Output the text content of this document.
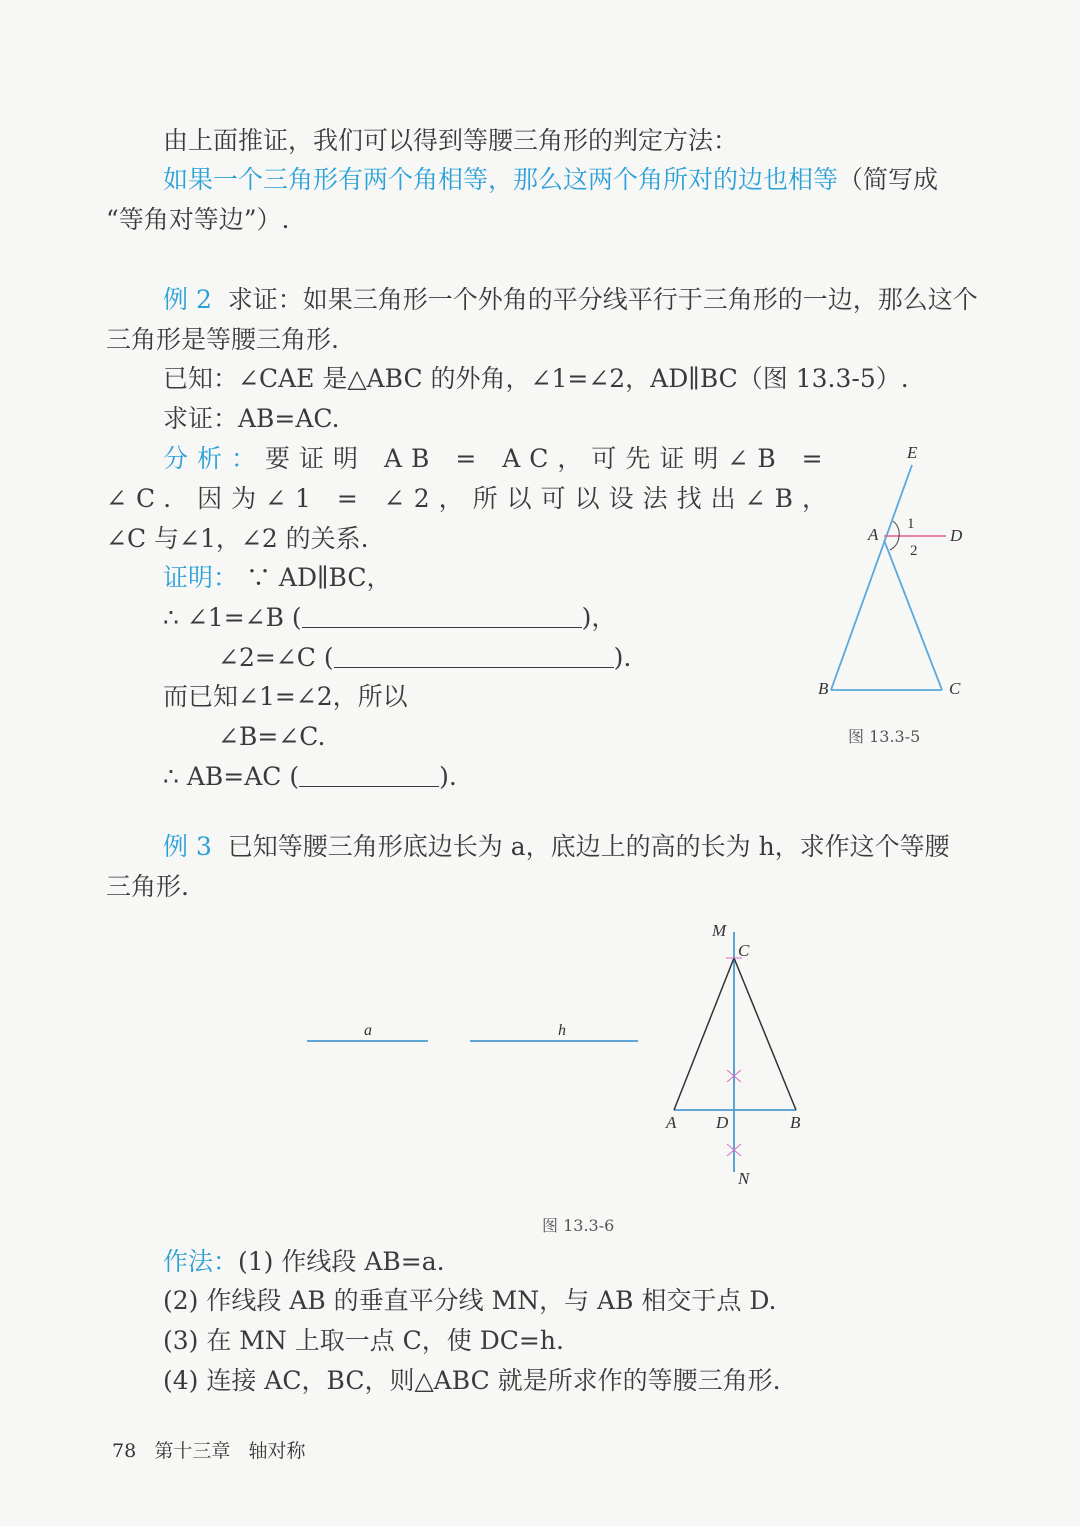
由上面推证，我们可以得到等腰三角形的判定方法：
如果一个三角形有两个角相等，那么这两个角所对的边也相等（简写成
“等角对等边”）.
例 2 求证：如果三角形一个外角的平分线平行于三角形的一边，那么这个
三角形是等腰三角形.
已知：∠CAE 是△ABC 的外角，∠1=∠2，AD∥BC（图 13.3-5）.
求证：AB=AC.
分析：要证明 AB = AC，可先证明∠B =
∠C. 因为∠1 = ∠2，所以可以设法找出∠B，
∠C 与∠1，∠2 的关系.
证明： ∵ AD∥BC，
∴ ∠1=∠B (	)，
∠2=∠C (	).
而已知∠1=∠2，所以
∠B=∠C.
∴ AB=AC (	).
E
A	D
B	C
1
2
图 13.3-5
例 3 已知等腰三角形底边长为 a，底边上的高的长为 h，求作这个等腰
三角形.
a	h
M
C
A D	B
N
图 13.3-6
作法：(1) 作线段 AB=a.
(2) 作线段 AB 的垂直平分线 MN，与 AB 相交于点 D.
(3) 在 MN 上取一点 C，使 DC=h.
(4) 连接 AC，BC，则△ABC 就是所求作的等腰三角形.
78 第十三章 轴对称
